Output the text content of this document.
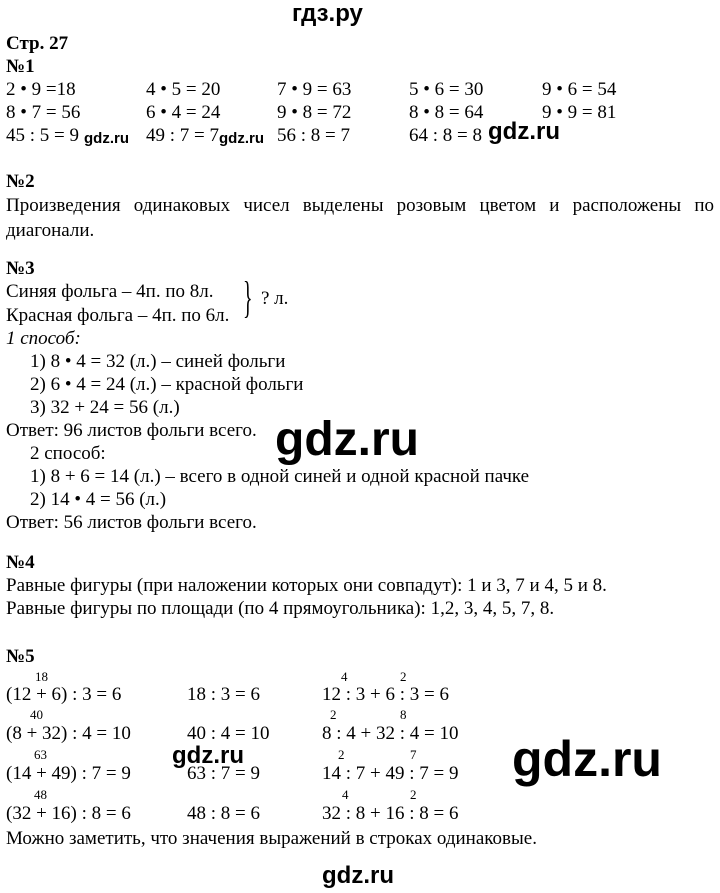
гдз.ру
Стр. 27
№1
2 • 9 =18	4 • 5 = 20	7 • 9 = 63	5 • 6 = 30	9 • 6 = 54
8 • 7 = 56	6 • 4 = 24	9 • 8 = 72	8 • 8 = 64	9 • 9 = 81
45 : 5 = 9	49 : 7 = 7	56 : 8 = 7	64 : 8 = 8
gdz.ru	gdz.ru	gdz.ru
№2
Произведения одинаковых чисел выделены розовым цветом и расположены по диагонали.
№3
Синяя фольга – 4п. по 8л.
Красная фольга – 4п. по 6л. } ? л.
1 способ:
1) 8 • 4 = 32 (л.) – синей фольги
2) 6 • 4 = 24 (л.) – красной фольги
3) 32 + 24 = 56 (л.)
Ответ: 96 листов фольги всего. gdz.ru
2 способ:
1) 8 + 6 = 14 (л.) – всего в одной синей и одной красной пачке
2) 14 • 4 = 56 (л.)
Ответ: 56 листов фольги всего.
№4
Равные фигуры (при наложении которых они совпадут): 1 и 3, 7 и 4, 5 и 8.
Равные фигуры по площади (по 4 прямоугольника): 1,2, 3, 4, 5, 7, 8.
№5
18	4	2
(12 + 6) : 3 = 6	18 : 3 = 6	12 : 3 + 6 : 3 = 6
40	2	8
(8 + 32) : 4 = 10	40 : 4 = 10	8 : 4 + 32 : 4 = 10
gdz.ru
63	2	7
(14 + 49) : 7 = 9	63 : 7 = 9	14 : 7 + 49 : 7 = 9
48	4	2
(32 + 16) : 8 = 6	48 : 8 = 6	32 : 8 + 16 : 8 = 6
gdz.ru
Можно заметить, что значения выражений в строках одинаковые.
gdz.ru
